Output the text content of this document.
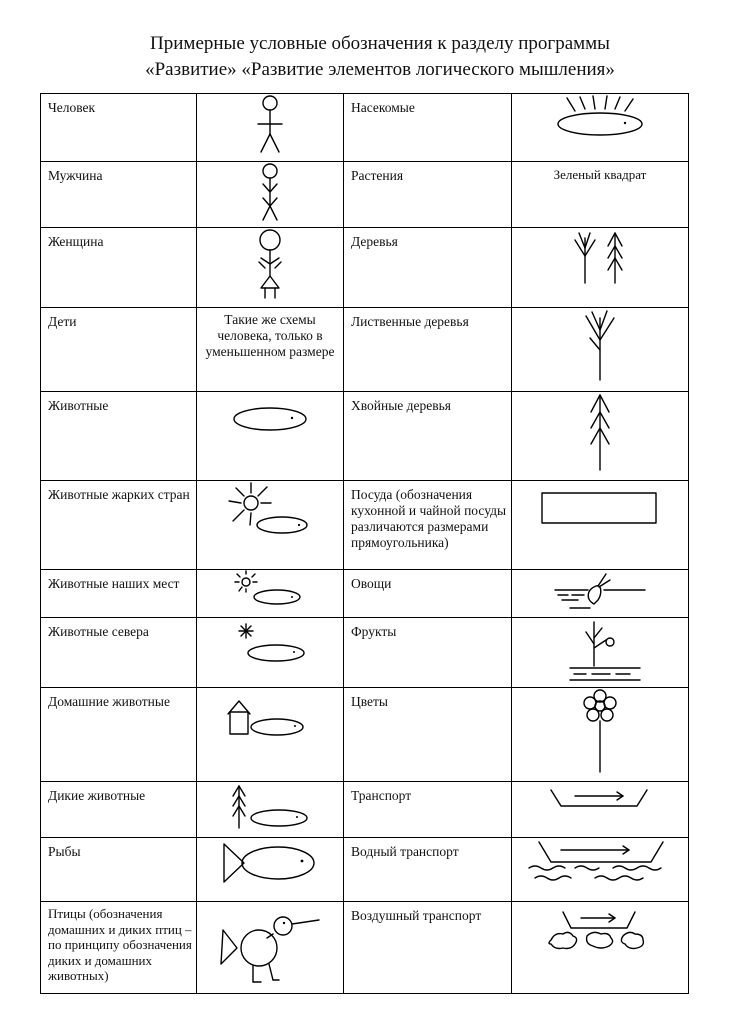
Примерные условные обозначения к разделу программы
«Развитие» «Развитие элементов логического мышления»
Человек		Насекомые

Мужчина		Растения	Зеленый квадрат

Женщина		Деревья

Дети	Такие же схемы человека, только в уменьшенном размере	Лиственные деревья

Животные		Хвойные деревья

Животные жарких стран		Посуда (обозначения кухонной и чайной посуды различаются размерами прямоугольника)

Животные наших мест		Овощи

Животные севера		Фрукты

Домашние животные		Цветы

Дикие животные		Транспорт

Рыбы		Водный транспорт

Птицы (обозначения домашних и диких птиц – по принципу обозначения диких и домашних животных)		Воздушный транспорт
